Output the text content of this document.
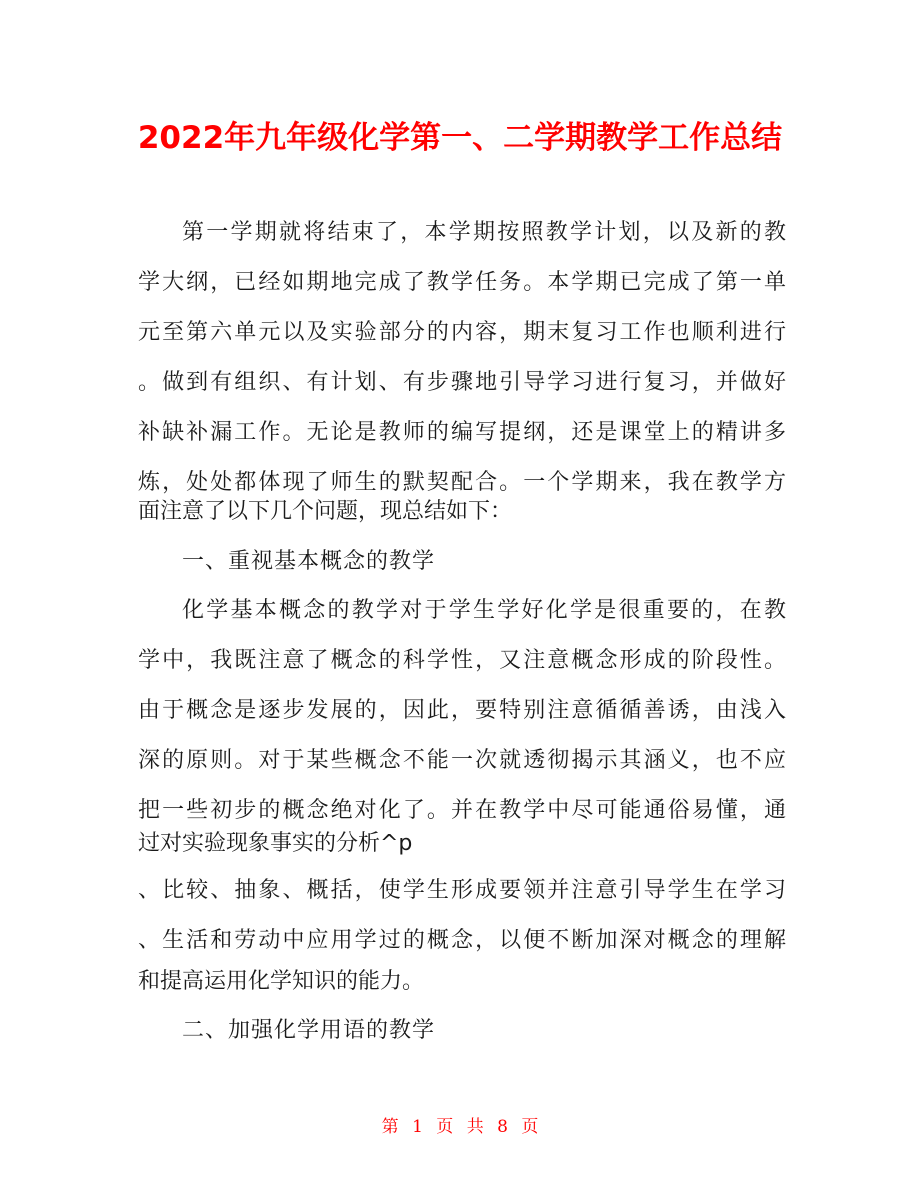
2022年九年级化学第一、二学期教学工作总结
第一学期就将结束了，本学期按照教学计划，以及新的教
学大纲，已经如期地完成了教学任务。本学期已完成了第一单
元至第六单元以及实验部分的内容，期末复习工作也顺利进行
。做到有组织、有计划、有步骤地引导学习进行复习，并做好
补缺补漏工作。无论是教师的编写提纲，还是课堂上的精讲多
炼，处处都体现了师生的默契配合。一个学期来，我在教学方
面注意了以下几个问题，现总结如下：
一、重视基本概念的教学
化学基本概念的教学对于学生学好化学是很重要的，在教
学中，我既注意了概念的科学性，又注意概念形成的阶段性。
由于概念是逐步发展的，因此，要特别注意循循善诱，由浅入
深的原则。对于某些概念不能一次就透彻揭示其涵义，也不应
把一些初步的概念绝对化了。并在教学中尽可能通俗易懂，通
过对实验现象事实的分析^p
、比较、抽象、概括，使学生形成要领并注意引导学生在学习
、生活和劳动中应用学过的概念，以便不断加深对概念的理解
和提高运用化学知识的能力。
二、加强化学用语的教学
第 1 页 共 8 页
